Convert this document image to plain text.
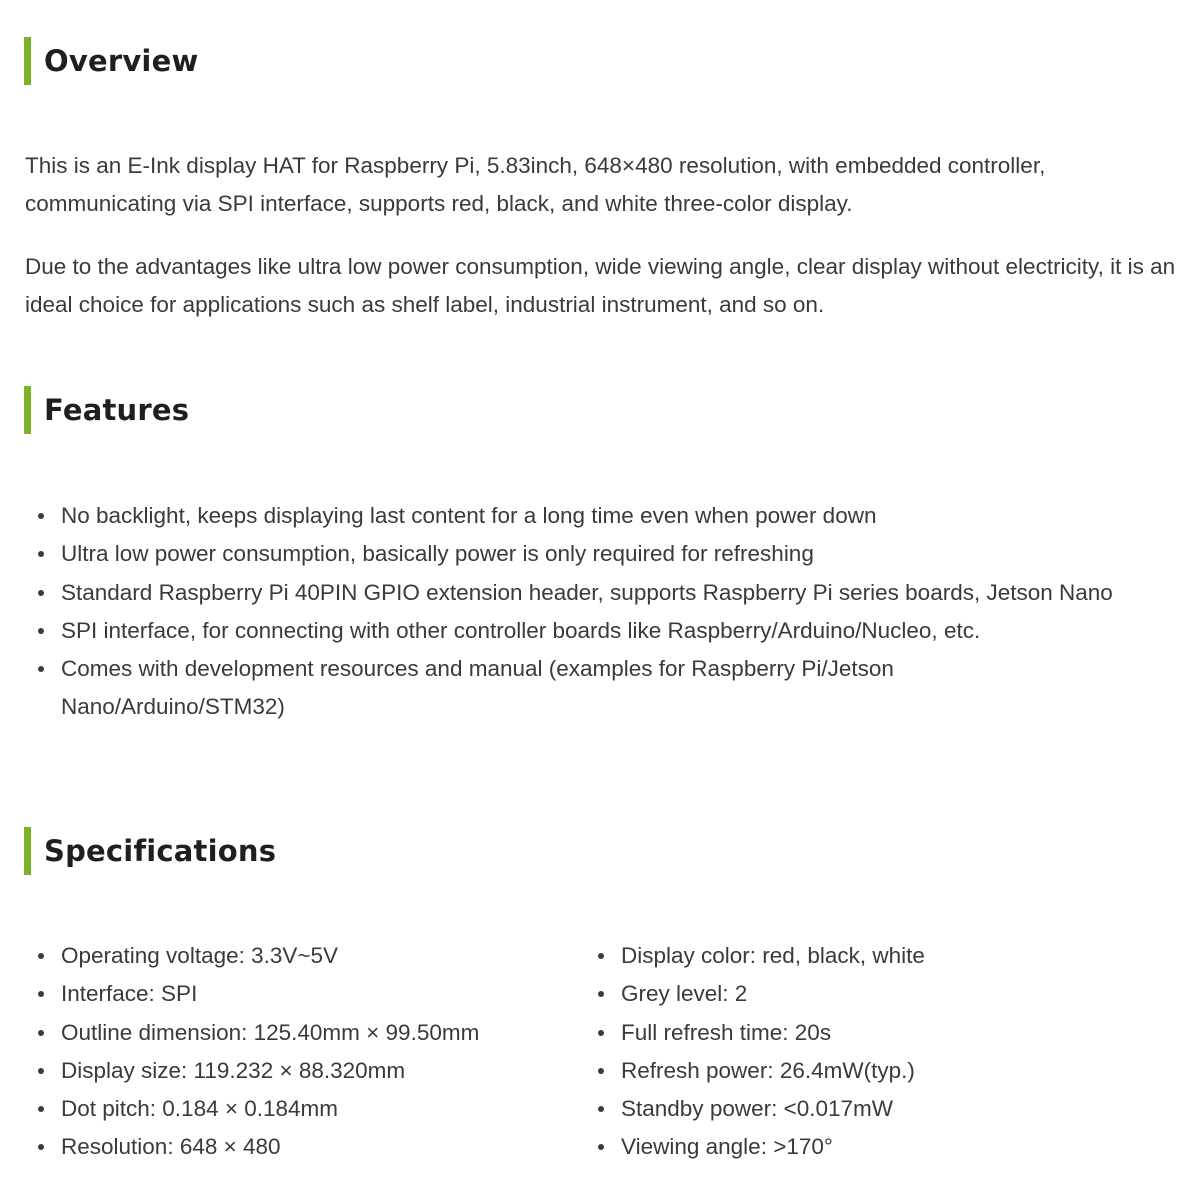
Overview

This is an E-Ink display HAT for Raspberry Pi, 5.83inch, 648×480 resolution, with embedded controller, communicating via SPI interface, supports red, black, and white three-color display.

Due to the advantages like ultra low power consumption, wide viewing angle, clear display without electricity, it is an ideal choice for applications such as shelf label, industrial instrument, and so on.

Features
No backlight, keeps displaying last content for a long time even when power down
Ultra low power consumption, basically power is only required for refreshing
Standard Raspberry Pi 40PIN GPIO extension header, supports Raspberry Pi series boards, Jetson Nano
SPI interface, for connecting with other controller boards like Raspberry/Arduino/Nucleo, etc.
Comes with development resources and manual (examples for Raspberry Pi/Jetson Nano/Arduino/STM32)
Specifications
Operating voltage: 3.3V~5V
Interface: SPI
Outline dimension: 125.40mm × 99.50mm
Display size: 119.232 × 88.320mm
Dot pitch: 0.184 × 0.184mm
Resolution: 648 × 480
Display color: red, black, white
Grey level: 2
Full refresh time: 20s
Refresh power: 26.4mW(typ.)
Standby power: <0.017mW
Viewing angle: >170°
